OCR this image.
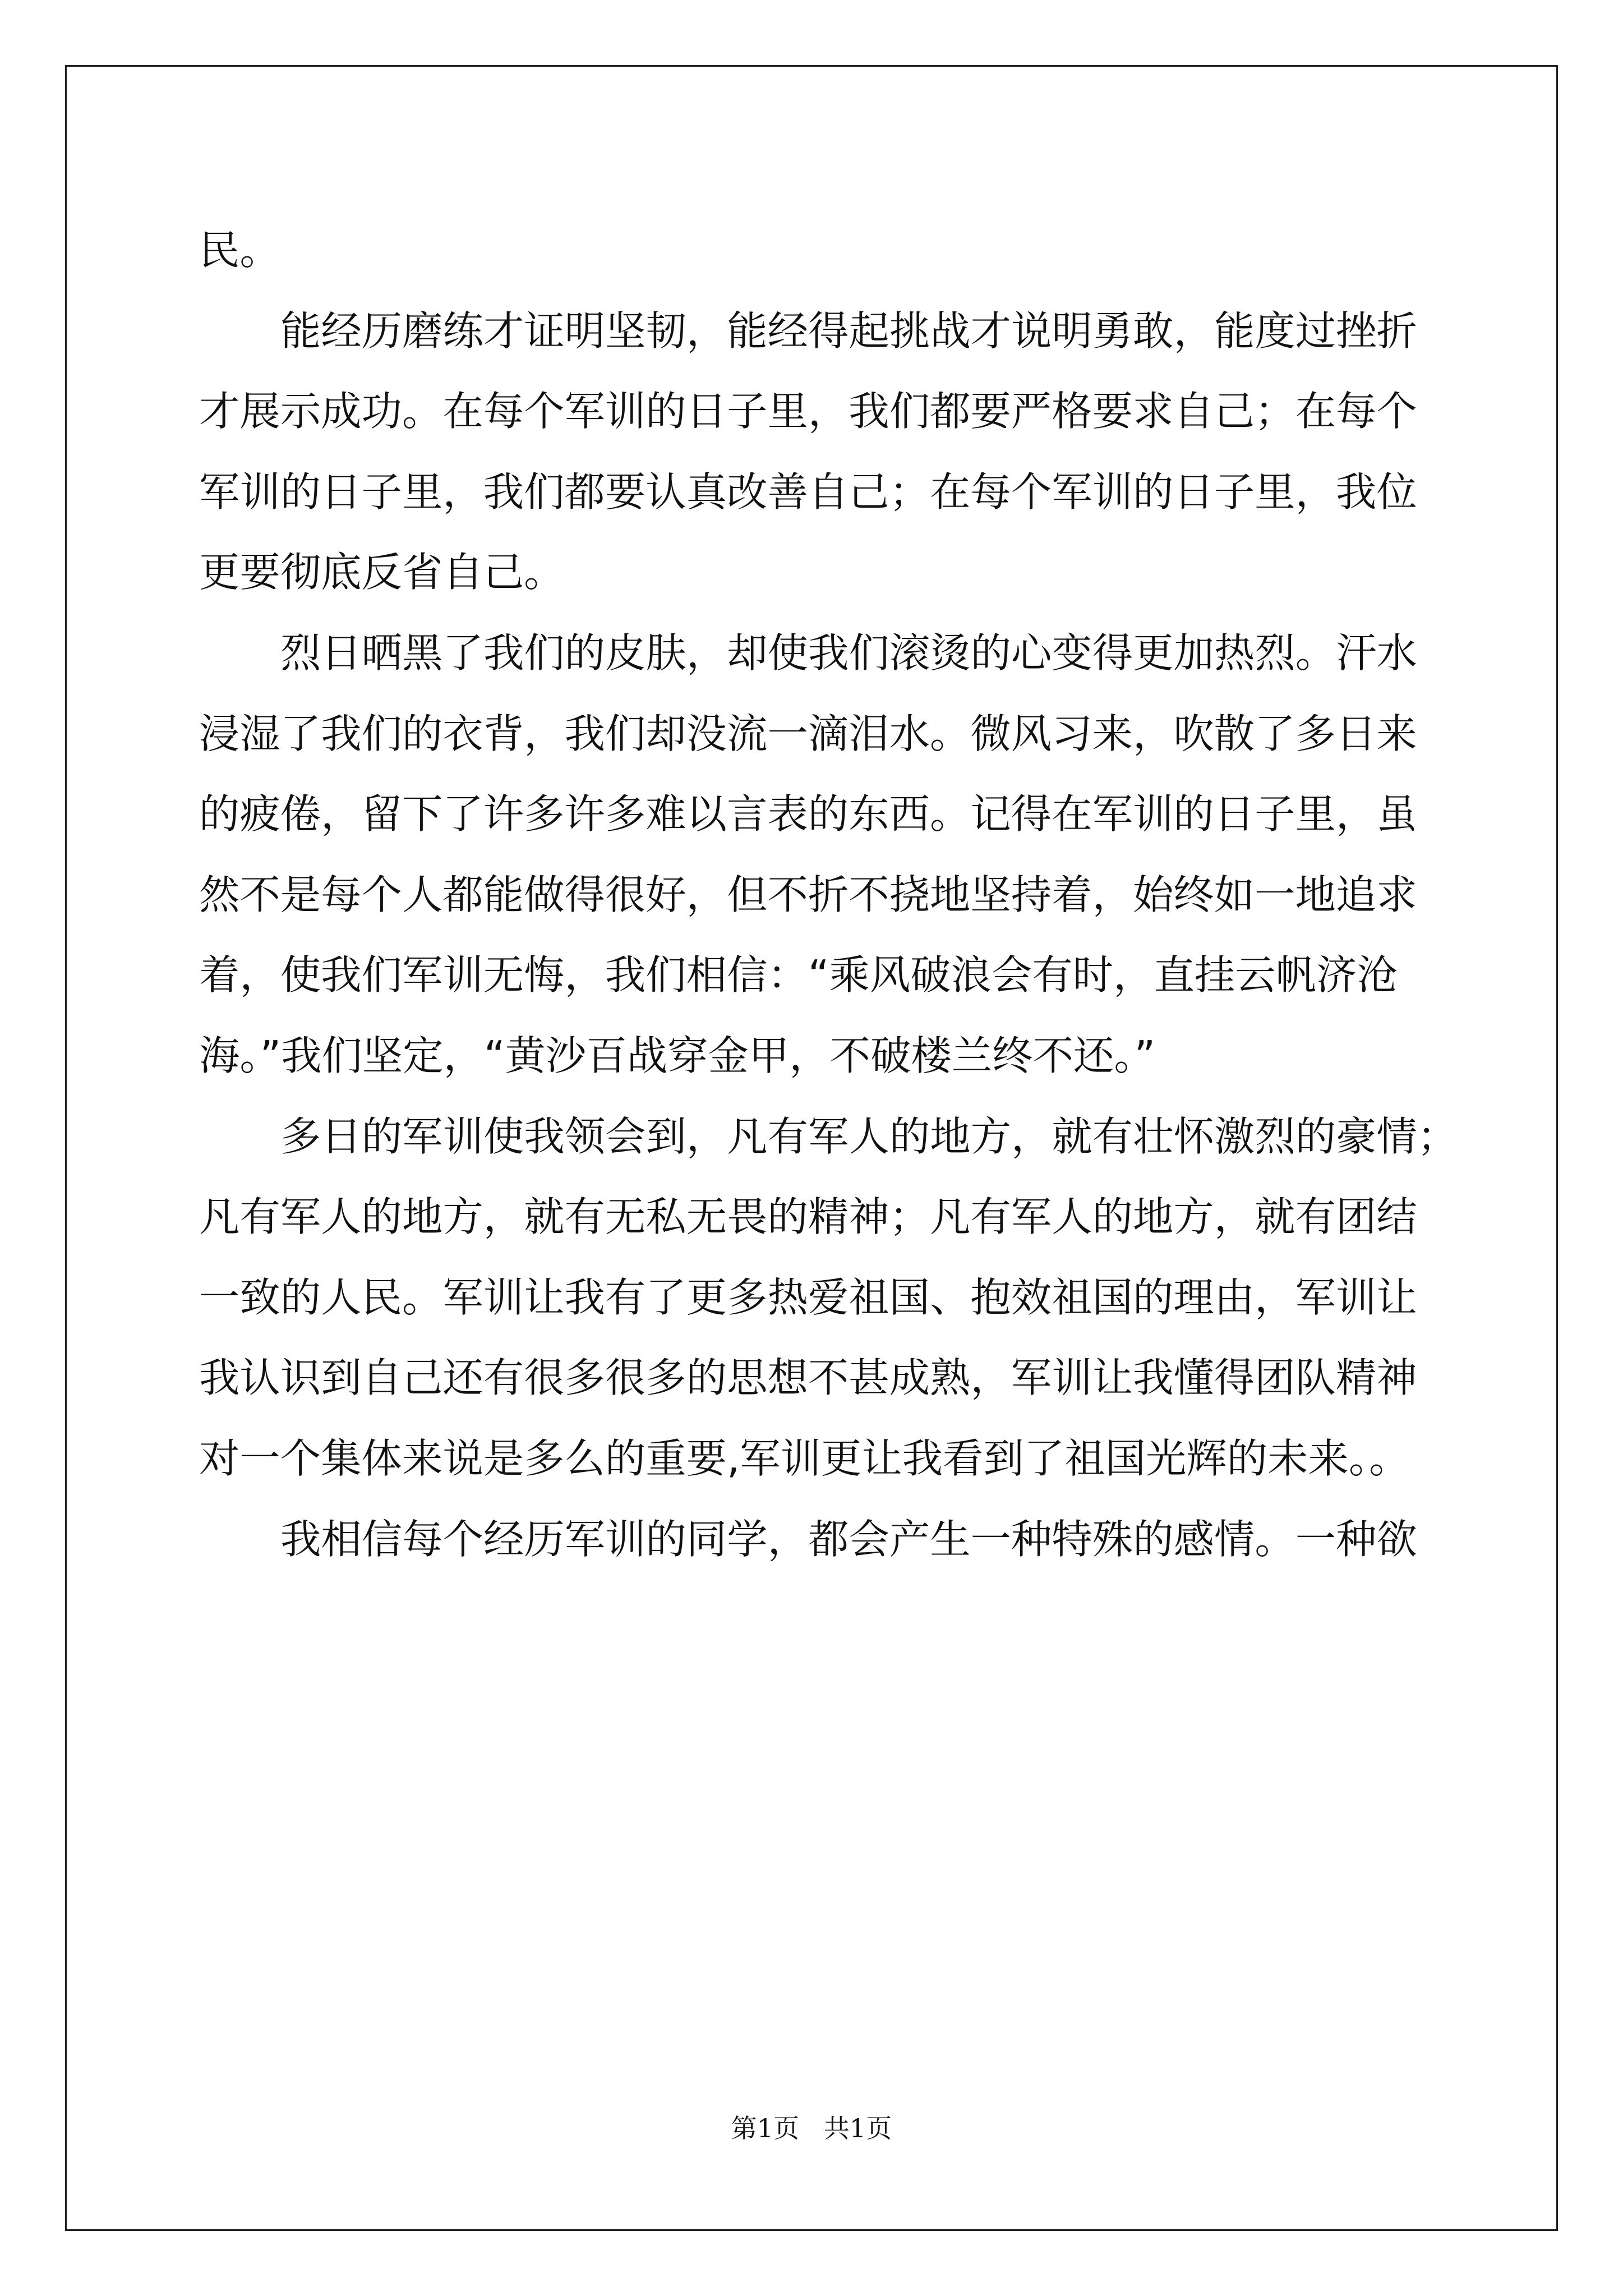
民。
能经历磨练才证明坚韧，能经得起挑战才说明勇敢，能度过挫折
才展示成功。在每个军训的日子里，我们都要严格要求自己；在每个
军训的日子里，我们都要认真改善自己；在每个军训的日子里，我位
更要彻底反省自己。
烈日晒黑了我们的皮肤，却使我们滚烫的心变得更加热烈。汗水
浸湿了我们的衣背，我们却没流一滴泪水。微风习来，吹散了多日来
的疲倦，留下了许多许多难以言表的东西。记得在军训的日子里，虽
然不是每个人都能做得很好，但不折不挠地坚持着，始终如一地追求
着，使我们军训无悔，我们相信：“乘风破浪会有时，直挂云帆济沧
海。”我们坚定，“黄沙百战穿金甲，不破楼兰终不还。”
多日的军训使我领会到，凡有军人的地方，就有壮怀激烈的豪情；
凡有军人的地方，就有无私无畏的精神；凡有军人的地方，就有团结
一致的人民。军训让我有了更多热爱祖国、抱效祖国的理由，军训让
我认识到自己还有很多很多的思想不甚成熟，军训让我懂得团队精神
对一个集体来说是多么的重要,军训更让我看到了祖国光辉的未来。。
我相信每个经历军训的同学，都会产生一种特殊的感情。一种欲
第1页   共1页
